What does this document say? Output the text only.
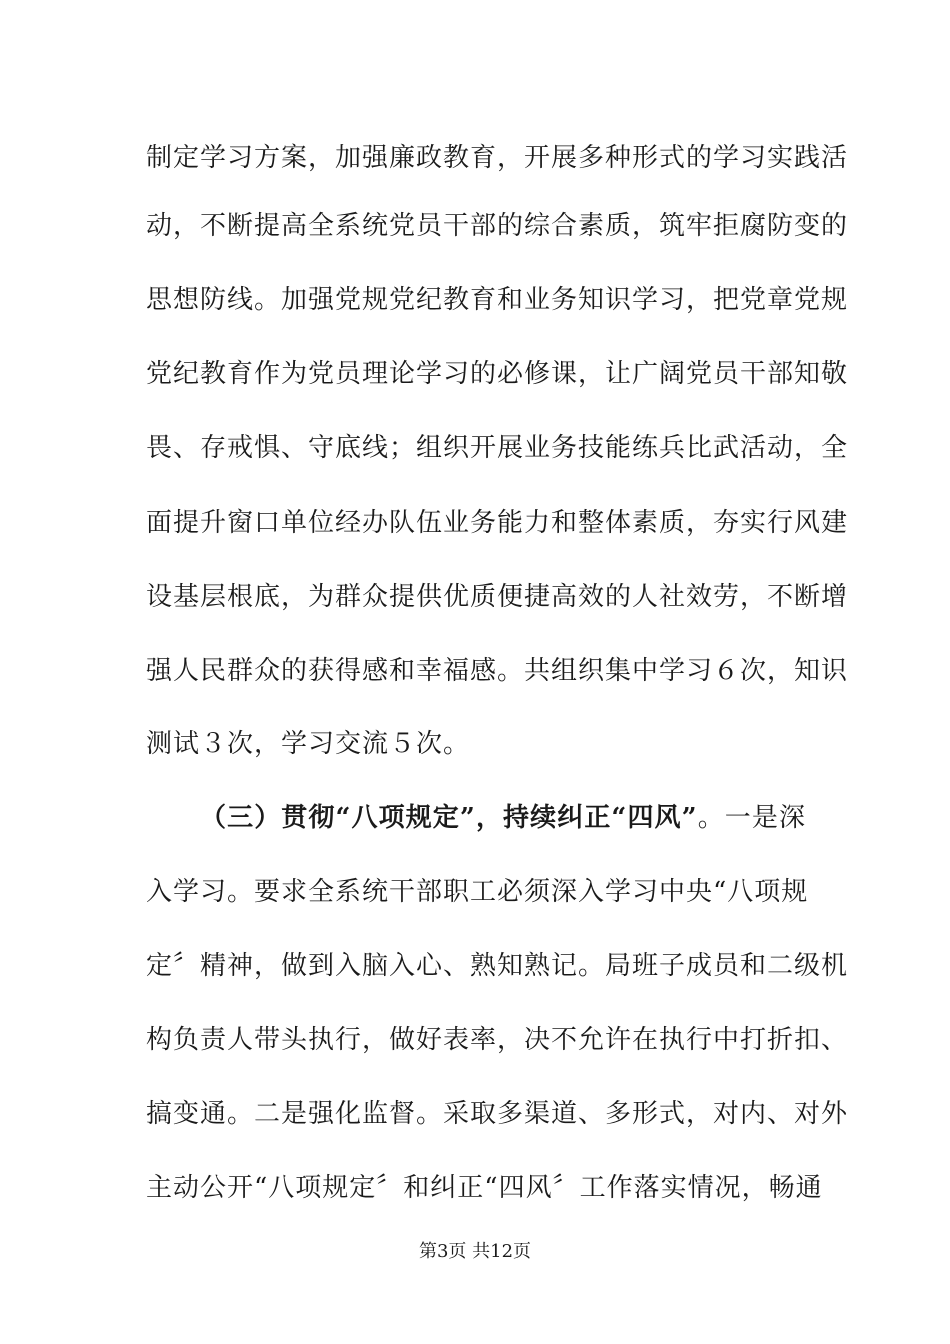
制定学习方案，加强廉政教育，开展多种形式的学习实践活
动，不断提高全系统党员干部的综合素质，筑牢拒腐防变的
思想防线。加强党规党纪教育和业务知识学习，把党章党规
党纪教育作为党员理论学习的必修课，让广阔党员干部知敬
畏、存戒惧、守底线；组织开展业务技能练兵比武活动，全
面提升窗口单位经办队伍业务能力和整体素质，夯实行风建
设基层根底，为群众提供优质便捷高效的人社效劳，不断增
强人民群众的获得感和幸福感。共组织集中学习６次，知识
测试３次，学习交流５次。
（三）贯彻“八项规定”，持续纠正“四风”。一是深
入学习。要求全系统干部职工必须深入学习中央“八项规
定〞精神，做到入脑入心、熟知熟记。局班子成员和二级机
构负责人带头执行，做好表率，决不允许在执行中打折扣、
搞变通。二是强化监督。采取多渠道、多形式，对内、对外
主动公开“八项规定〞和纠正“四风〞工作落实情况，畅通
第3页 共12页
